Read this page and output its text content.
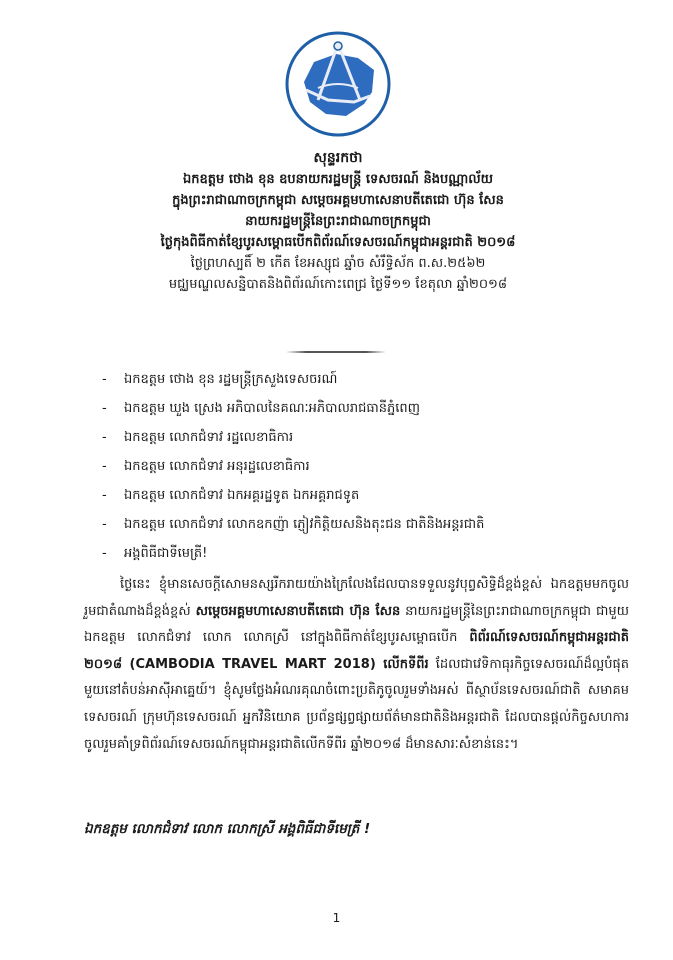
សុន្ទរកថា
ឯកឧត្តម ថោង ខុន ឧបនាយករដ្ឋមន្ត្រី ទេសចរណ៍ និងបណ្ណាល័យ
ក្នុងព្រះរាជាណាចក្រកម្ពុជា សម្តេចអគ្គមហាសេនាបតីតេជោ ហ៊ុន សែន
នាយករដ្ឋមន្ត្រីនៃព្រះរាជាណាចក្រកម្ពុជា
ថ្ងៃកុងពិធីកាត់ខ្សែបូរសម្ពោធបើកពិព័រណ៍ទេសចរណ៍កម្ពុជាអន្តរជាតិ ២០១៨
ថ្ងៃព្រហស្បតិ៍ ២ កើត ខែអស្សុជ ឆ្នាំច សំរឹទ្ធិស័ក ព.ស.២៥៦២
មជ្ឈមណ្ឌលសន្និបាតនិងពិព័រណ៍កោះពេជ្រ ថ្ងៃទី១១ ខែតុលា ឆ្នាំ២០១៨
- ឯកឧត្តម ថោង ខុន រដ្ឋមន្ត្រីក្រសួងទេសចរណ៍
- ឯកឧត្តម ឃួង ស្រេង អភិបាលនៃគណៈអភិបាលរាជធានីភ្នំពេញ
- ឯកឧត្តម លោកជំទាវ រដ្ឋលេខាធិការ
- ឯកឧត្តម លោកជំទាវ អនុរដ្ឋលេខាធិការ
- ឯកឧត្តម លោកជំទាវ ឯកអគ្គរដ្ឋទូត ឯកអគ្គរាជទូត
- ឯកឧត្តម លោកជំទាវ លោកឧកញ៉ា ភ្ញៀវកិត្តិយសនិងតុះជន ជាតិនិងអន្តរជាតិ
- អង្គពិធីជាទីមេត្រី!

ថ្ងៃនេះ ខ្ញុំមានសេចក្តីសោមនស្សរីករាយយ៉ាងក្រៃលែងដែលបានទទួលនូវបុព្វសិទ្ធិដ៏ខ្ពង់ខ្ពស់ ឯកឧត្តមមកចូលរួមជាតំណាងដ៏ខ្ពង់ខ្ពស់ សម្តេចអគ្គមហាសេនាបតីតេជោ ហ៊ុន សែន នាយករដ្ឋមន្ត្រីនៃព្រះរាជាណាចក្រកម្ពុជា ជាមួយឯកឧត្តម លោកជំទាវ លោក លោកស្រី នៅក្នុងពិធីកាត់ខ្សែបូរសម្ពោធបើក ពិព័រណ៍ទេសចរណ៍កម្ពុជាអន្តរជាតិ ២០១៨ (CAMBODIA TRAVEL MART 2018) លើកទីពីរ ដែលជាវេទិកាធុរកិច្ចទេសចរណ៍ដ៏ល្អបំផុតមួយនៅតំបន់អាស៊ីអាគ្នេយ៍។ ខ្ញុំសូមថ្លែងអំណរគុណចំពោះប្រតិភូចូលរួមទាំងអស់ ពីស្ថាប័នទេសចរណ៍ជាតិ សមាគមទេសចរណ៍ ក្រុមហ៊ុនទេសចរណ៍ អ្នកវិនិយោគ ប្រព័ន្ធផ្សព្វផ្សាយព័ត៌មានជាតិនិងអន្តរជាតិ ដែលបានផ្តល់កិច្ចសហការចូលរួមគាំទ្រពិព័រណ៍ទេសចរណ៍កម្ពុជាអន្តរជាតិលើកទីពីរ ឆ្នាំ២០១៨ ដ៏មានសារៈសំខាន់នេះ។

ឯកឧត្តម លោកជំទាវ លោក លោកស្រី អង្គពិធីជាទីមេត្រី !
1
